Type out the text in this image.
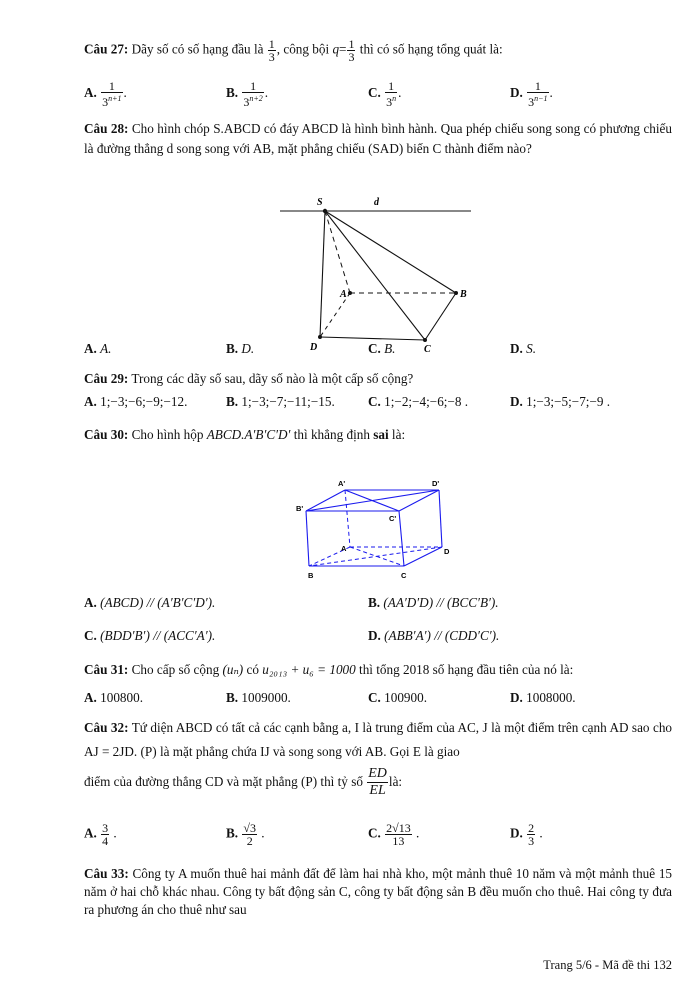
Câu 27: Dãy số có số hạng đầu là $\frac{1}{3}$ , công bội $q= \frac{1}{3}$ thì có số hạng tổng quát là:
A. $\frac{1}{3^{n+1}}$ .	B. $\frac{1}{3^{n+2}}$ .	C. $\frac{1}{3^n}$ .	D. $\frac{1}{3^{n-1}}$ .
Câu 28: Cho hình chóp S.ABCD có đáy ABCD là hình bình hành. Qua phép chiếu song song có phương chiếu là đường thẳng d song song với AB, mặt phẳng chiếu (SAD) biến C thành điểm nào?
S	d
A	B
D	C
A. A.	B. D.	C. B.	D. S.
Câu 29: Trong các dãy số sau, dãy số nào là một cấp số cộng?
A. 1;−3;−6;−9;−12.	B. 1;−3;−7;−11;−15.	C. 1;−2;−4;−6;−8 .	D. 1;−3;−5;−7;−9 .
Câu 30: Cho hình hộp ABCD.A′B′C′D′ thì khẳng định sai là:
A'	D'
B'
C'
A	D
B	C
A. (ABCD) // (A′B′C′D′).	B. (AA′D′D) // (BCC′B′).
C. (BDD′B′) // (ACC′A′).	D. (ABB′A′) // (CDD′C′).
Câu 31: Cho cấp số cộng (uₙ) có u₂₀₁₃ + u₆ = 1000 thì tổng 2018 số hạng đầu tiên của nó là:
A. 100800.	B. 1009000.	C. 100900.	D. 1008000.
Câu 32: Tứ diện ABCD có tất cả các cạnh bằng a, I là trung điểm của AC, J là một điểm trên cạnh AD sao cho AJ = 2JD. (P) là mặt phẳng chứa IJ và song song với AB. Gọi E là giao
điểm của đường thẳng CD và mặt phẳng (P) thì tỷ số $\frac{ED}{EL}$ là:
A. $\frac{3}{4}$ .	B. $\frac{√3}{2}$ .	C. $\frac{2√13}{13}$ .	D. $\frac{2}{3}$ .
Câu 33: Công ty A muốn thuê hai mảnh đất để làm hai nhà kho, một mảnh thuê 10 năm và một mảnh thuê 15 năm ở hai chỗ khác nhau. Công ty bất động sản C, công ty bất động sản B đều muốn cho thuê. Hai công ty đưa ra phương án cho thuê như sau
Trang 5/6 - Mã đề thi 132
